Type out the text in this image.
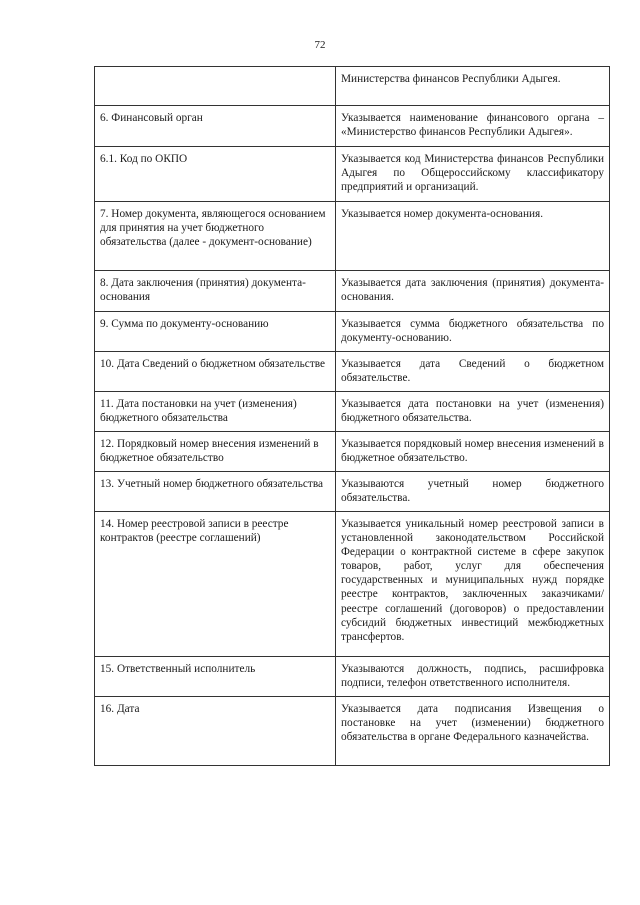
72
	Министерства финансов Республики Адыгея.
6. Финансовый орган	Указывается наименование финансового органа – «Министерство финансов Республики Адыгея».
6.1. Код по ОКПО	Указывается код Министерства финансов Республики Адыгея по Общероссийскому классификатору предприятий и организаций.
7. Номер документа, являющегося основанием для принятия на учет бюджетного обязательства (далее - документ-основание)	Указывается номер документа-основания.
8. Дата заключения (принятия) документа-основания	Указывается дата заключения (принятия) документа-основания.
9. Сумма по документу-основанию	Указывается сумма бюджетного обязательства по документу-основанию.
10. Дата Сведений о бюджетном обязательстве	Указывается дата Сведений о бюджетном обязательстве.
11. Дата постановки на учет (изменения) бюджетного обязательства	Указывается дата постановки на учет (изменения) бюджетного обязательства.
12. Порядковый номер внесения изменений в бюджетное обязательство	Указывается порядковый номер внесения изменений в бюджетное обязательство.
13. Учетный номер бюджетного обязательства	Указываются учетный номер бюджетного обязательства.
14. Номер реестровой записи в реестре контрактов (реестре соглашений)	Указывается уникальный номер реестровой записи в установленной законодательством Российской Федерации о контрактной системе в сфере закупок товаров, работ, услуг для обеспечения государственных и муниципальных нужд порядке реестре контрактов, заключенных заказчиками/реестре соглашений (договоров) о предоставлении субсидий бюджетных инвестиций межбюджетных трансфертов.
15. Ответственный исполнитель	Указываются должность, подпись, расшифровка подписи, телефон ответственного исполнителя.
16. Дата	Указывается дата подписания Извещения о постановке на учет (изменении) бюджетного обязательства в органе Федерального казначейства.
